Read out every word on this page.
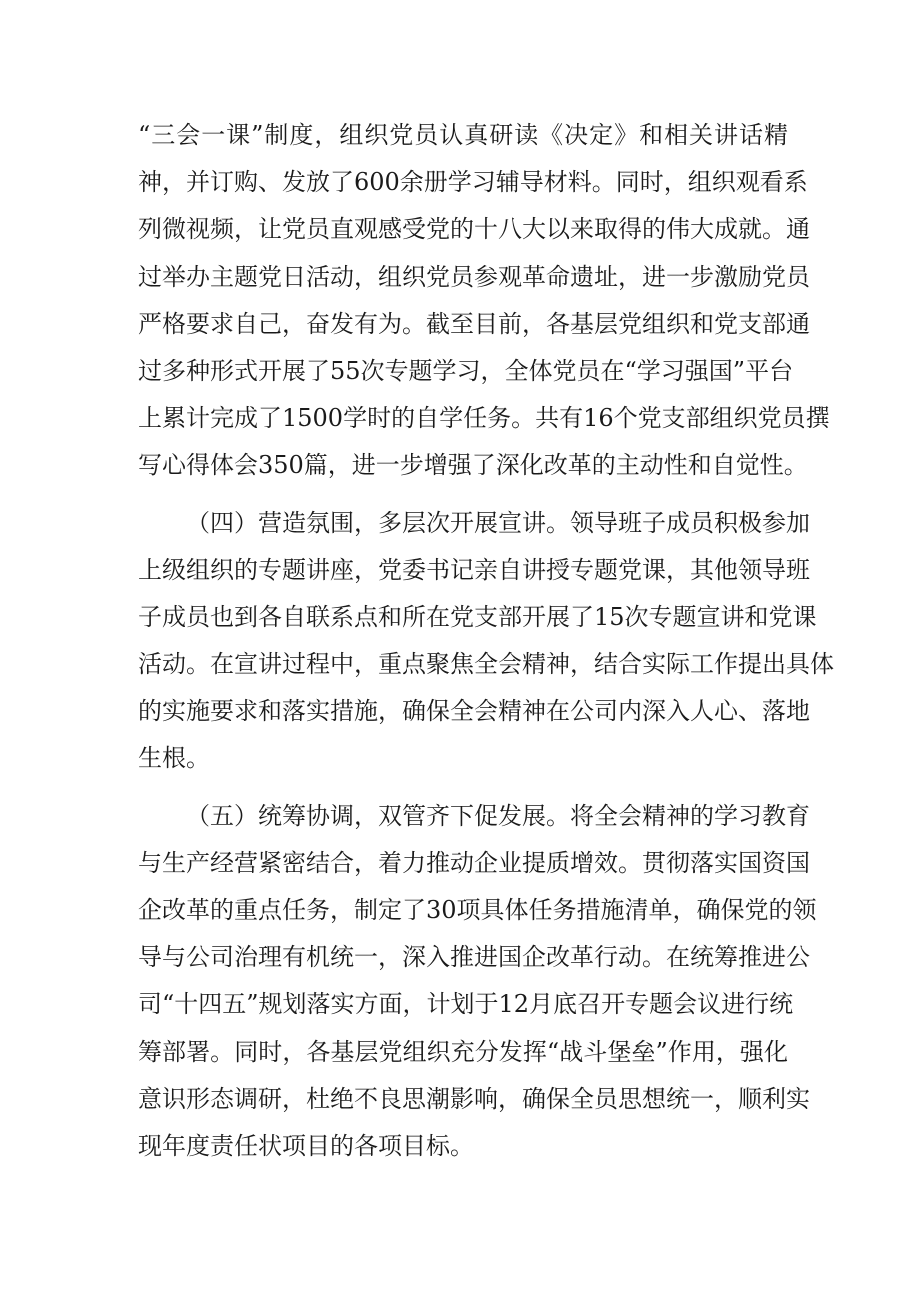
“三会一课”制度，组织党员认真研读《决定》和相关讲话精
神，并订购、发放了600余册学习辅导材料。同时，组织观看系
列微视频，让党员直观感受党的十八大以来取得的伟大成就。通
过举办主题党日活动，组织党员参观革命遗址，进一步激励党员
严格要求自己，奋发有为。截至目前，各基层党组织和党支部通
过多种形式开展了55次专题学习，全体党员在“学习强国”平台
上累计完成了1500学时的自学任务。共有16个党支部组织党员撰
写心得体会350篇，进一步增强了深化改革的主动性和自觉性。
（四）营造氛围，多层次开展宣讲。领导班子成员积极参加
上级组织的专题讲座，党委书记亲自讲授专题党课，其他领导班
子成员也到各自联系点和所在党支部开展了15次专题宣讲和党课
活动。在宣讲过程中，重点聚焦全会精神，结合实际工作提出具体
的实施要求和落实措施，确保全会精神在公司内深入人心、落地
生根。
（五）统筹协调，双管齐下促发展。将全会精神的学习教育
与生产经营紧密结合，着力推动企业提质增效。贯彻落实国资国
企改革的重点任务，制定了30项具体任务措施清单，确保党的领
导与公司治理有机统一，深入推进国企改革行动。在统筹推进公
司“十四五”规划落实方面，计划于12月底召开专题会议进行统
筹部署。同时，各基层党组织充分发挥“战斗堡垒”作用，强化
意识形态调研，杜绝不良思潮影响，确保全员思想统一，顺利实
现年度责任状项目的各项目标。
